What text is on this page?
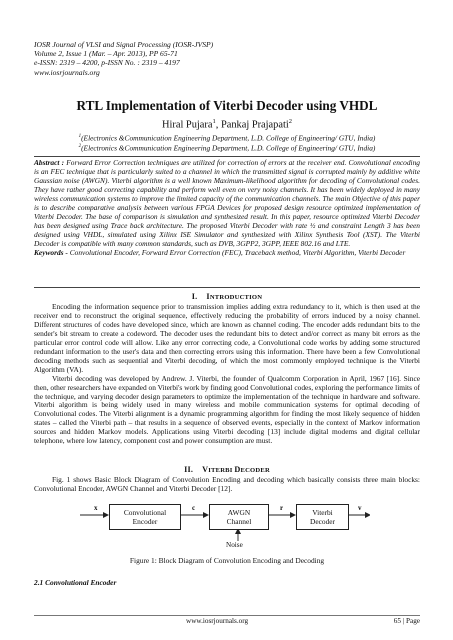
IOSR Journal of VLSI and Signal Processing (IOSR-JVSP)
Volume 2, Issue 1 (Mar. – Apr. 2013), PP 65-71
e-ISSN: 2319 – 4200, p-ISSN No. : 2319 – 4197
www.iosrjournals.org
RTL Implementation of Viterbi Decoder using VHDL
Hiral Pujara$^1$, Pankaj Prajapati$^2$
$^1$(Electronics &Communication Engineering Department, L.D. College of Engineering/ GTU, India)
$^2$(Electronics &Communication Engineering Department, L.D. College of Engineering/ GTU, India)
Abstract : Forward Error Correction techniques are utilized for correction of errors at the receiver end. Convolutional encoding is an FEC technique that is particularly suited to a channel in which the transmitted signal is corrupted mainly by additive white Gaussian noise (AWGN). Viterbi algorithm is a well known Maximum-likelihood algorithm for decoding of Convolutional codes. They have rather good correcting capability and perform well even on very noisy channels. It has been widely deployed in many wireless communication systems to improve the limited capacity of the communication channels. The main Objective of this paper is to describe comparative analysis between various FPGA Devices for proposed design resource optimized implementation of Viterbi Decoder. The base of comparison is simulation and synthesized result. In this paper, resource optimized Viterbi Decoder has been designed using Trace back architecture. The proposed Viterbi Decoder with rate ½ and constraint Length 3 has been designed using VHDL, simulated using Xilinx ISE Simulator and synthesized with Xilinx Synthesis Tool (XST). The Viterbi Decoder is compatible with many common standards, such as DVB, 3GPP2, 3GPP, IEEE 802.16 and LTE.
Keywords - Convolutional Encoder, Forward Error Correction (FEC), Traceback method, Viterbi Algorithm, Viterbi Decoder
I. INTRODUCTION

Encoding the information sequence prior to transmission implies adding extra redundancy to it, which is then used at the receiver end to reconstruct the original sequence, effectively reducing the probability of errors induced by a noisy channel. Different structures of codes have developed since, which are known as channel coding. The encoder adds redundant bits to the sender's bit stream to create a codeword. The decoder uses the redundant bits to detect and/or correct as many bit errors as the particular error control code will allow. Like any error correcting code, a Convolutional code works by adding some structured redundant information to the user's data and then correcting errors using this information. There have been a few Convolutional decoding methods such as sequential and Viterbi decoding, of which the most commonly employed technique is the Viterbi Algorithm (VA).

Viterbi decoding was developed by Andrew. J. Viterbi, the founder of Qualcomm Corporation in April, 1967 [16]. Since then, other researchers have expanded on Viterbi's work by finding good Convolutional codes, exploring the performance limits of the technique, and varying decoder design parameters to optimize the implementation of the technique in hardware and software. Viterbi algorithm is being widely used in many wireless and mobile communication systems for optimal decoding of Convolutional codes. The Viterbi alignment is a dynamic programming algorithm for finding the most likely sequence of hidden states – called the Viterbi path – that results in a sequence of observed events, especially in the context of Markov information sources and hidden Markov models. Applications using Viterbi decoding [13] include digital modems and digital cellular telephone, where low latency, component cost and power consumption are must.

II. VITERBI DECODER

Fig. 1 shows Basic Block Diagram of Convolution Encoding and decoding which basically consists three main blocks: Convolutional Encoder, AWGN Channel and Viterbi Decoder [12].

Convolutional
Encoder
AWGN
Channel
Viterbi
Decoder
x	c	r	v
Noise
Figure 1: Block Diagram of Convolution Encoding and Decoding
2.1 Convolutional Encoder
www.iosrjournals.org	65 | Page
